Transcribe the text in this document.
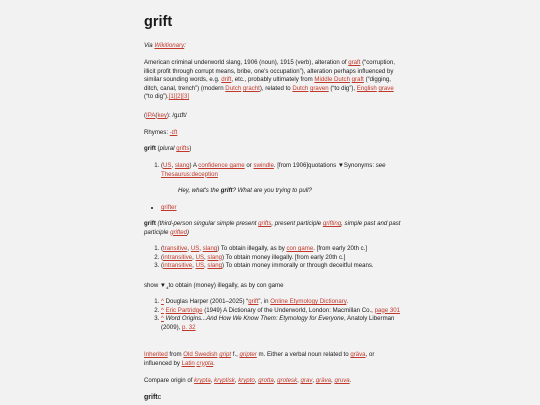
grift
Via Wikitionary:
American criminal underworld slang, 1906 (noun), 1915 (verb), alteration of graft (“corruption, illicit profit through corrupt means, bribe, one's occupation”), alteration perhaps influenced by similar sounding words, e.g. drift, etc., probably ultimately from Middle Dutch graft (“digging, ditch, canal, trench”) (modern Dutch gracht), related to Dutch graven (“to dig”), English grave (“to dig”).[1][2][3]
(IPA(key): /ɡɹɪft/
Rhymes: -ɪft
grift (plural grifts)
1. (US, slang) A confidence game or swindle. [from 1906]quotations ▼Synonyms: see Thesaurus:deception
Hey, what's the grift? What are you trying to pull?
• grifter
grift (third-person singular simple present grifts, present participle grifting, simple past and past participle grifted)
1. (transitive, US, slang) To obtain illegally, as by con game. [from early 20th c.]
2. (intransitive, US, slang) To obtain money illegally. [from early 20th c.]
3. (intransitive, US, slang) To obtain money immorally or through deceitful means.
show $▼_\pm to$ obtain (money) illegally, as by con game
1. ^ Douglas Harper (2001–2025) “grift”, in Online Etymology Dictionary.
2. ^ Eric Partridge (1949) A Dictionary of the Underworld, London: Macmillan Co., page 301
3. ^ Word Origins...And How We Know Them: Etymology for Everyone, Anatoly Liberman (2009), p. 32
Inherited from Old Swedish gript f., gripter m. Either a verbal noun related to gräva, or influenced by Latin crypta.
Compare origin of krypta, kryptisk, krypto, grotta, grotesk, grav, gräva, gruva.
griftc
